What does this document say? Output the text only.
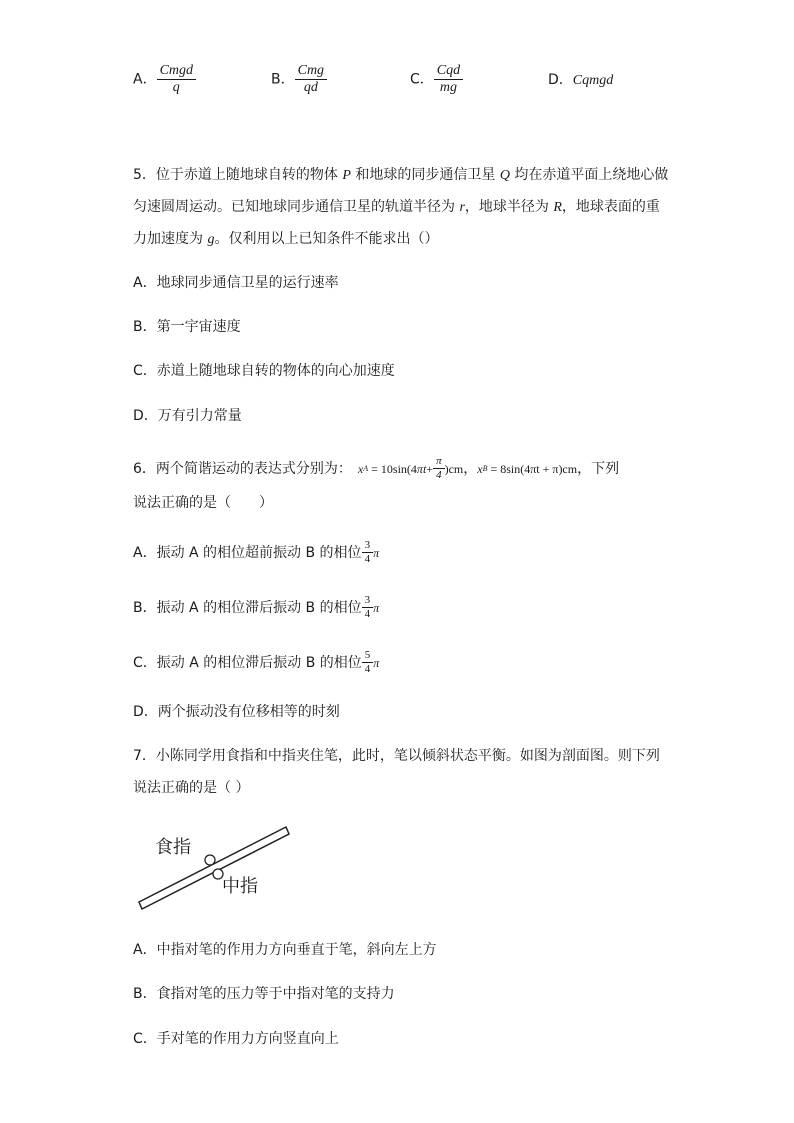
A． $\frac{\text{Cmgd}}{q}$	B． $\frac{\text{Cmg}}{qd}$	C． $\frac{\text{Cqd}}{mg}$	D．Cqmgd
5．位于赤道上随地球自转的物体 P 和地球的同步通信卫星 Q 均在赤道平面上绕地心做
匀速圆周运动。已知地球同步通信卫星的轨道半径为 r，地球半径为 R，地球表面的重
力加速度为 g。仅利用以上已知条件不能求出（）
A．地球同步通信卫星的运行速率
B．第一宇宙速度
C．赤道上随地球自转的物体的向心加速度
D．万有引力常量
6．两个简谐运动的表达式分别为： x A
= 10sin(4 π $t + \frac{\pi}{4} )cm$ ， x B
= 8sin(4πt + π)cm ，下列
说法正确的是（　　）
A．振动 A 的相位超前振动 B 的相位 $\frac{3}{4}$ π
B．振动 A 的相位滞后振动 B 的相位 $\frac{3}{4}$ π
C．振动 A 的相位滞后振动 B 的相位 $\frac{5}{4}$ π
D．两个振动没有位移相等的时刻
7．小陈同学用食指和中指夹住笔，此时，笔以倾斜状态平衡。如图为剖面图。则下列
说法正确的是（ ）
食指
中指
A．中指对笔的作用力方向垂直于笔，斜向左上方
B．食指对笔的压力等于中指对笔的支持力
C．手对笔的作用力方向竖直向上
